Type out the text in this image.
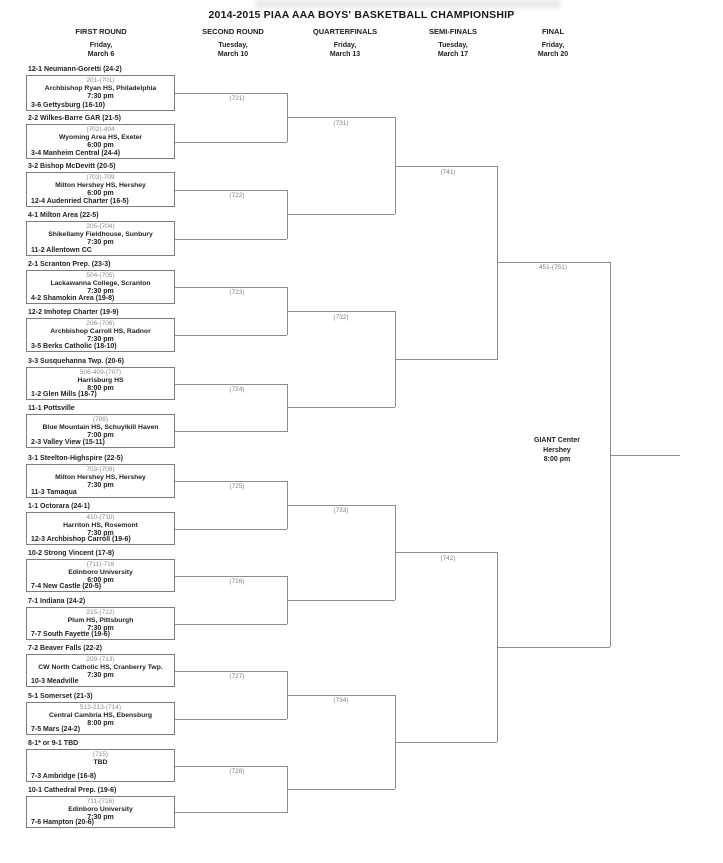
2014-2015 PIAA AAA BOYS' BASKETBALL CHAMPIONSHIP
FIRST ROUND	SECOND ROUND	QUARTERFINALS	SEMI-FINALS	FINAL
Friday,
March 6
Tuesday,
March 10
Friday,
March 13
Tuesday,
March 17
Friday,
March 20
451-(751)
GIANT Center
Hershey
8:00 pm
12-1 Neumann-Goretti (24-2)
201-(701)
Archbishop Ryan HS, Philadelphia
7:30 pm
3-6 Gettysburg (16-10)
2-2 Wilkes-Barre GAR (21-5)
(702)-404
Wyoming Area HS, Exeter
6:00 pm
3-4 Manheim Central (24-4)
3-2 Bishop McDevitt (20-5)
(703)-709
Milton Hershey HS, Hershey
6:00 pm
12-4 Audenried Charter (16-5)
4-1 Milton Area (22-5)
205-(704)
Shikellamy Fieldhouse, Sunbury
7:30 pm
11-2 Allentown CC
2-1 Scranton Prep. (23-3)
504-(705)
Lackawanna College, Scranton
7:30 pm
4-2 Shamokin Area (19-8)
12-2 Imhotep Charter (19-9)
206-(706)
Archbishop Carroll HS, Radnor
7:30 pm
3-5 Berks Catholic (18-10)
3-3 Susquehanna Twp. (20-6)
506-409-(707)
Harrisburg HS
8:00 pm
1-2 Glen Mills (18-7)
11-1 Pottsville
(708)
Blue Mountain HS, Schuylkill Haven
7:00 pm
2-3 Valley View (15-11)
3-1 Steelton-Highspire (22-5)
703-(709)
Milton Hershey HS, Hershey
7:30 pm
11-3 Tamaqua
1-1 Octorara (24-1)
410-(710)
Harriton HS, Rosemont
7:30 pm
12-3 Archbishop Carroll (19-6)
10-2 Strong Vincent (17-8)
(711)-716
Edinboro University
6:00 pm
7-4 New Castle (20-5)
7-1 Indiana (24-2)
215-(712)
Plum HS, Pittsburgh
7:30 pm
7-7 South Fayette (19-6)
7-2 Beaver Falls (22-2)
209-(713)
CW North Catholic HS, Cranberry Twp.
7:30 pm
10-3 Meadville
5-1 Somerset (21-3)
513-213-(714)
Central Cambria HS, Ebensburg
8:00 pm
7-5 Mars (24-2)
8-1* or 9-1 TBD
(715)
TBD
7-3 Ambridge (16-8)
10-1 Cathedral Prep. (19-6)
711-(716)
Edinboro University
7:30 pm
7-6 Hampton (20-6)
(721)
(722)
(723)
(724)
(725)
(726)
(727)
(728)
(731)
(732)
(733)
(734)
(741)
(742)
